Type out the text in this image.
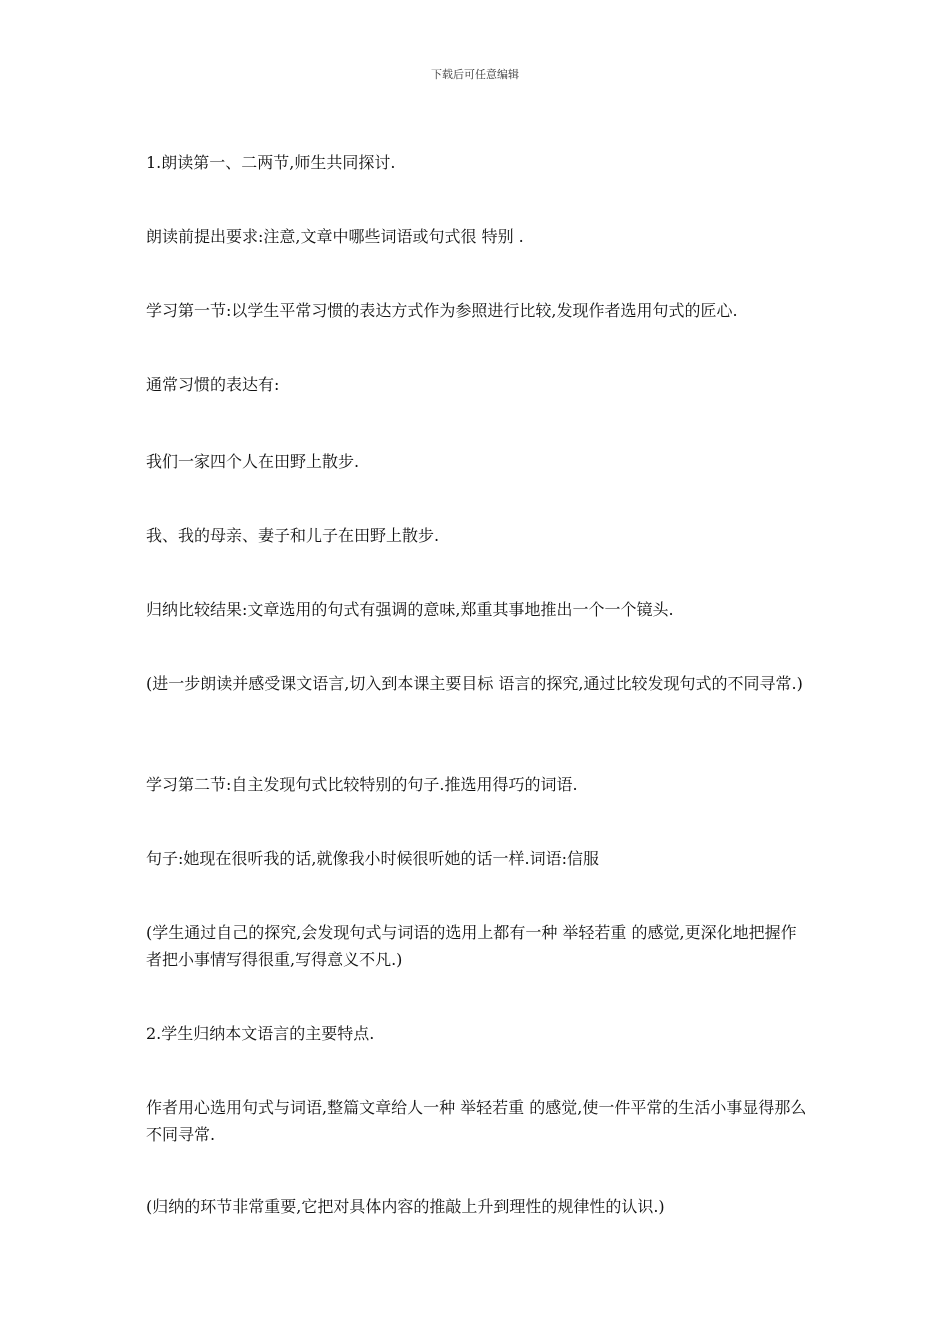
下载后可任意编辑
1.朗读第一、二两节,师生共同探讨.
朗读前提出要求:注意,文章中哪些词语或句式很 特别 .
学习第一节:以学生平常习惯的表达方式作为参照进行比较,发现作者选用句式的匠心.
通常习惯的表达有:
我们一家四个人在田野上散步.
我、我的母亲、妻子和儿子在田野上散步.
归纳比较结果:文章选用的句式有强调的意味,郑重其事地推出一个一个镜头.
(进一步朗读并感受课文语言,切入到本课主要目标 语言的探究,通过比较发现句式的不同寻常.)
学习第二节:自主发现句式比较特别的句子.推选用得巧的词语.
句子:她现在很听我的话,就像我小时候很听她的话一样.词语:信服
(学生通过自己的探究,会发现句式与词语的选用上都有一种 举轻若重 的感觉,更深化地把握作者把小事情写得很重,写得意义不凡.)
2.学生归纳本文语言的主要特点.
作者用心选用句式与词语,整篇文章给人一种 举轻若重 的感觉,使一件平常的生活小事显得那么不同寻常.
(归纳的环节非常重要,它把对具体内容的推敲上升到理性的规律性的认识.)
